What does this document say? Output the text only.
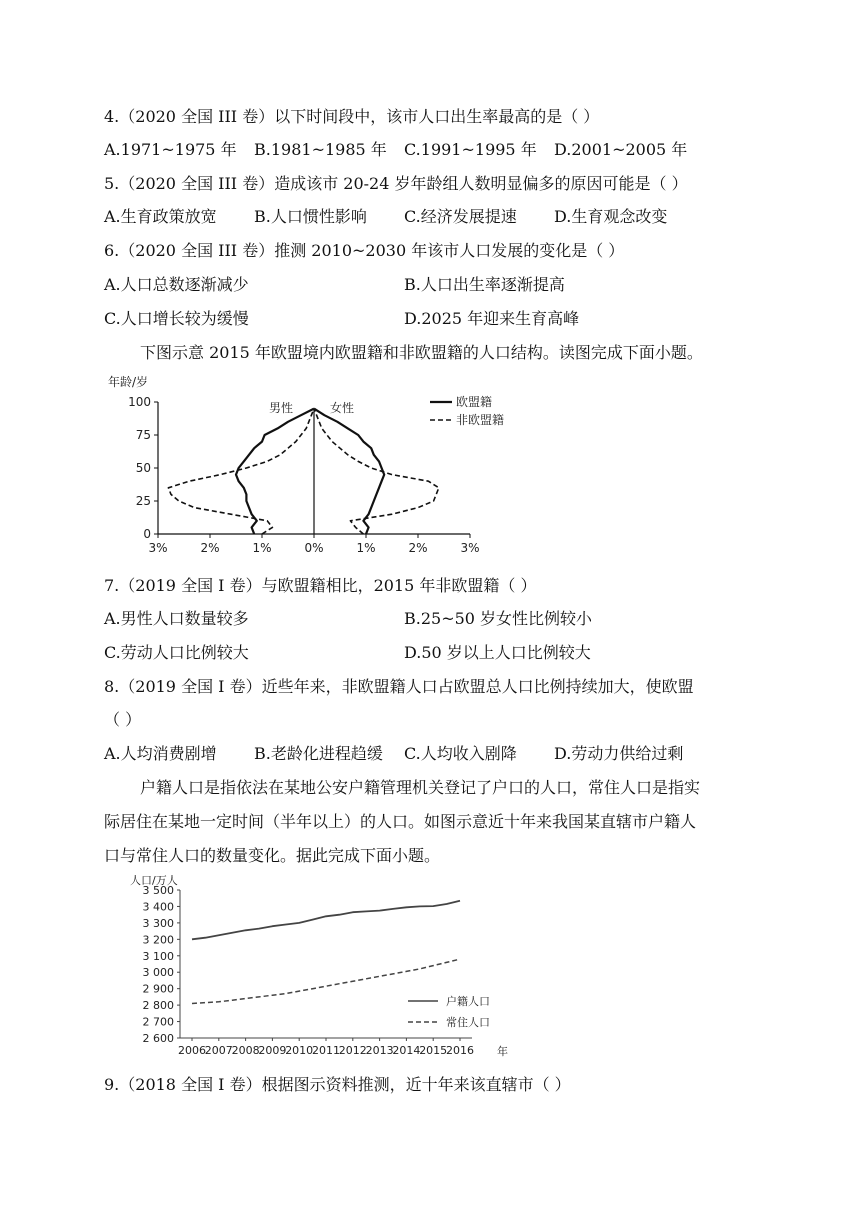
4.（2020 全国 III 卷）以下时间段中，该市人口出生率最高的是（ ）
A.1971~1975 年 B.1981~1985 年 C.1991~1995 年 D.2001~2005 年
5.（2020 全国 III 卷）造成该市 20-24 岁年龄组人数明显偏多的原因可能是（ ）
A.生育政策放宽 B.人口惯性影响 C.经济发展提速 D.生育观念改变
6.（2020 全国 III 卷）推测 2010~2030 年该市人口发展的变化是（ ）
A.人口总数逐渐减少	B.人口出生率逐渐提高
C.人口增长较为缓慢	D.2025 年迎来生育高峰
下图示意 2015 年欧盟境内欧盟籍和非欧盟籍的人口结构。读图完成下面小题。
年龄/岁
0
25
50
75
100
3%	2%	1%	0%	1%	2%	3%
男性	女性	欧盟籍
非欧盟籍
7.（2019 全国 I 卷）与欧盟籍相比，2015 年非欧盟籍（ ）
A.男性人口数量较多	B.25~50 岁女性比例较小
C.劳动人口比例较大	D.50 岁以上人口比例较大
8.（2019 全国 I 卷）近些年来，非欧盟籍人口占欧盟总人口比例持续加大，使欧盟
（ ）
A.人均消费剧增 B.老龄化进程趋缓 C.人均收入剧降 D.劳动力供给过剩
户籍人口是指依法在某地公安户籍管理机关登记了户口的人口，常住人口是指实
际居住在某地一定时间（半年以上）的人口。如图示意近十年来我国某直辖市户籍人
口与常住人口的数量变化。据此完成下面小题。
人口/万人
年
2 600
2 700
2 800
2 900
3 000
3 100
3 200
3 300
3 400
3 500
2006
2007
2008
2009
2010
2011
2012
2013
2014
2015
2016
户籍人口
常住人口
9.（2018 全国 I 卷）根据图示资料推测，近十年来该直辖市（ ）
